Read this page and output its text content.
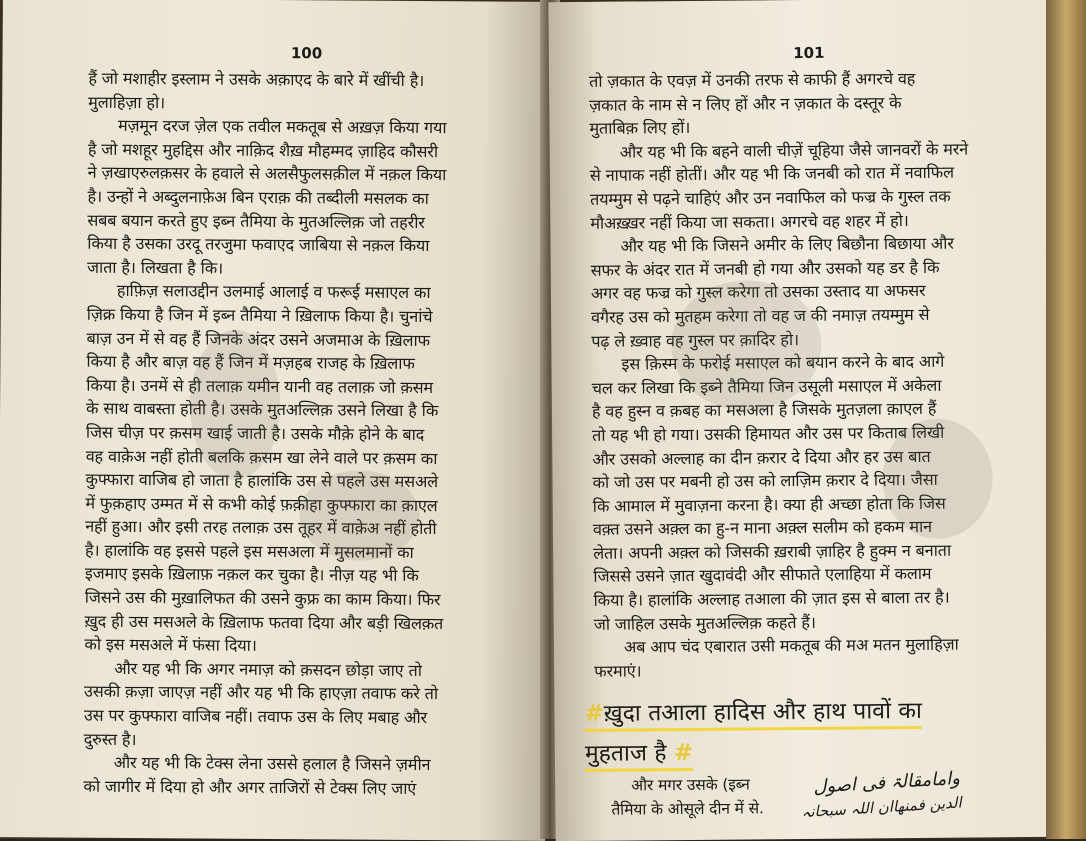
100
हैं जो मशाहीर इस्लाम ने उसके अक़ाएद के बारे में खींची है।
मुलाहिज़ा हो।
मज़मून दरज ज़ेल एक तवील मकतूब से अख़ज़ किया गया
है जो मशहूर मुहद्दिस और नाक़िद शैख़ मौहम्मद ज़ाहिद कौसरी
ने ज़खाएरुलक़सर के हवाले से अलसैफुलसक़ील में नक़ल किया
है। उन्हों ने अब्दुलनाफ़ेअ बिन एराक़ की तब्दीली मसलक का
सबब बयान करते हुए इब्न तैमिया के मुतअल्लिक़ जो तहरीर
किया है उसका उरदू तरजुमा फवाएद जाबिया से नक़ल किया
जाता है। लिखता है कि।
हाफ़िज़ सलाउद्दीन उलमाई आलाई व फरूई मसाएल का
ज़िक्र किया है जिन में इब्न तैमिया ने ख़िलाफ किया है। चुनांचे
बाज़ उन में से वह हैं जिनके अंदर उसने अजमाअ के ख़िलाफ
किया है और बाज़ वह हैं जिन में मज़हब राजह के ख़िलाफ
किया है। उनमें से ही तलाक़ यमीन यानी वह तलाक़ जो क़सम
के साथ वाबस्ता होती है। उसके मुतअल्लिक़ उसने लिखा है कि
जिस चीज़ पर क़सम खाई जाती है। उसके मौक़े होने के बाद
वह वाक़ेअ नहीं होती बलकि क़सम खा लेने वाले पर क़सम का
कुफ्फारा वाजिब हो जाता है हालांकि उस से पहले उस मसअले
में फुक़हाए उम्मत में से कभी कोई फ़क़ीहा कुफ्फारा का क़ाएल
नहीं हुआ। और इसी तरह तलाक़ उस तूहर में वाक़ेअ नहीं होती
है। हालांकि वह इससे पहले इस मसअला में मुसलमानों का
इजमाए इसके ख़िलाफ़ नक़ल कर चुका है। नीज़ यह भी कि
जिसने उस की मुख़ालिफत की उसने कुफ्र का काम किया। फिर
ख़ुद ही उस मसअले के ख़िलाफ फतवा दिया और बड़ी खिलक़त
को इस मसअले में फंसा दिया।
और यह भी कि अगर नमाज़ को क़सदन छोड़ा जाए तो
उसकी क़ज़ा जाएज़ नहीं और यह भी कि हाएज़ा तवाफ करे तो
उस पर कुफ्फारा वाजिब नहीं। तवाफ उस के लिए मबाह और
दुरुस्त है।
और यह भी कि टेक्स लेना उससे हलाल है जिसने ज़मीन
को जागीर में दिया हो और अगर ताजिरों से टेक्स लिए जाएं
101
तो ज़कात के एवज़ में उनकी तरफ से काफी हैं अगरचे वह
ज़कात के नाम से न लिए हों और न ज़कात के दस्तूर के
मुताबिक़ लिए हों।
और यह भी कि बहने वाली चीज़ें चूहिया जैसे जानवरों के मरने
से नापाक नहीं होतीं। और यह भी कि जनबी को रात में नवाफिल
तयम्मुम से पढ़ने चाहिएं और उन नवाफिल को फज्र के गुस्ल तक
मौअख़्ख़र नहीं किया जा सकता। अगरचे वह शहर में हो।
और यह भी कि जिसने अमीर के लिए बिछौना बिछाया और
सफर के अंदर रात में जनबी हो गया और उसको यह डर है कि
अगर वह फज्र को गुस्ल करेगा तो उसका उस्ताद या अफसर
वगैरह उस को मुतहम करेगा तो वह ज की नमाज़ तयम्मुम से
पढ़ ले ख़्वाह वह गुस्ल पर क़ादिर हो।
इस क़िस्म के फरोई मसाएल को बयान करने के बाद आगे
चल कर लिखा कि इब्ने तैमिया जिन उसूली मसाएल में अकेला
है वह हुस्न व क़बह का मसअला है जिसके मुतज़ला क़ाएल हैं
तो यह भी हो गया। उसकी हिमायत और उस पर किताब लिखी
और उसको अल्लाह का दीन क़रार दे दिया और हर उस बात
को जो उस पर मबनी हो उस को लाज़िम क़रार दे दिया। जैसा
कि आमाल में मुवाज़ना करना है। क्या ही अच्छा होता कि जिस
वक़्त उसने अक़्ल का हु-न माना अक़्ल सलीम को हकम मान
लेता। अपनी अक़्ल को जिसकी ख़राबी ज़ाहिर है हुक्म न बनाता
जिससे उसने ज़ात खुदावंदी और सीफाते एलाहिया में कलाम
किया है। हालांकि अल्लाह तआला की ज़ात इस से बाला तर है।
जो जाहिल उसके मुतअल्लिक़ कहते हैं।
अब आप चंद एबारात उसी मकतूब की मअ मतन मुलाहिज़ा
फरमाएं।
#ख़ुदा तआला हादिस और हाथ पावों का
मुहताज है #
और मगर उसके (इब्न
तैमिया के ओसूले दीन में से.
وامامقالۃ فی اصول
الدین فمنھاان اللہ سبحانہ
